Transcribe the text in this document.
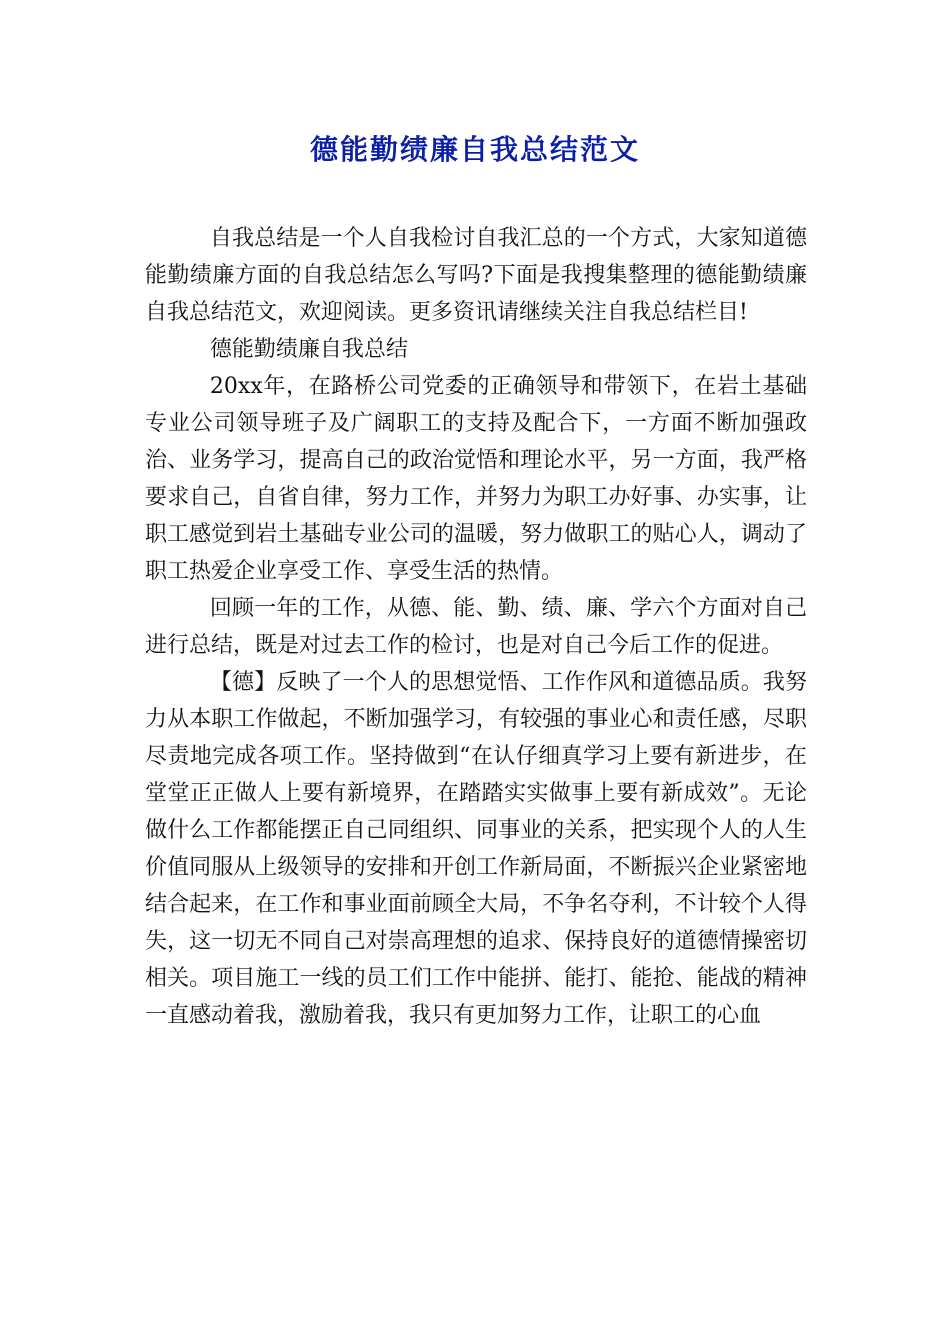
德能勤绩廉自我总结范文

自我总结是一个人自我检讨自我汇总的一个方式，大家知道德能勤绩廉方面的自我总结怎么写吗?下面是我搜集整理的德能勤绩廉自我总结范文，欢迎阅读。更多资讯请继续关注自我总结栏目!

德能勤绩廉自我总结

20xx年，在路桥公司党委的正确领导和带领下，在岩土基础专业公司领导班子及广阔职工的支持及配合下，一方面不断加强政治、业务学习，提高自己的政治觉悟和理论水平，另一方面，我严格要求自己，自省自律，努力工作，并努力为职工办好事、办实事，让职工感觉到岩土基础专业公司的温暖，努力做职工的贴心人，调动了职工热爱企业享受工作、享受生活的热情。

回顾一年的工作，从德、能、勤、绩、廉、学六个方面对自己进行总结，既是对过去工作的检讨，也是对自己今后工作的促进。

【德】反映了一个人的思想觉悟、工作作风和道德品质。我努力从本职工作做起，不断加强学习，有较强的事业心和责任感，尽职尽责地完成各项工作。坚持做到“在认仔细真学习上要有新进步，在堂堂正正做人上要有新境界，在踏踏实实做事上要有新成效”。无论做什么工作都能摆正自己同组织、同事业的关系，把实现个人的人生价值同服从上级领导的安排和开创工作新局面，不断振兴企业紧密地结合起来，在工作和事业面前顾全大局，不争名夺利，不计较个人得失，这一切无不同自己对崇高理想的追求、保持良好的道德情操密切相关。项目施工一线的员工们工作中能拼、能打、能抢、能战的精神一直感动着我，激励着我，我只有更加努力工作，让职工的心血
